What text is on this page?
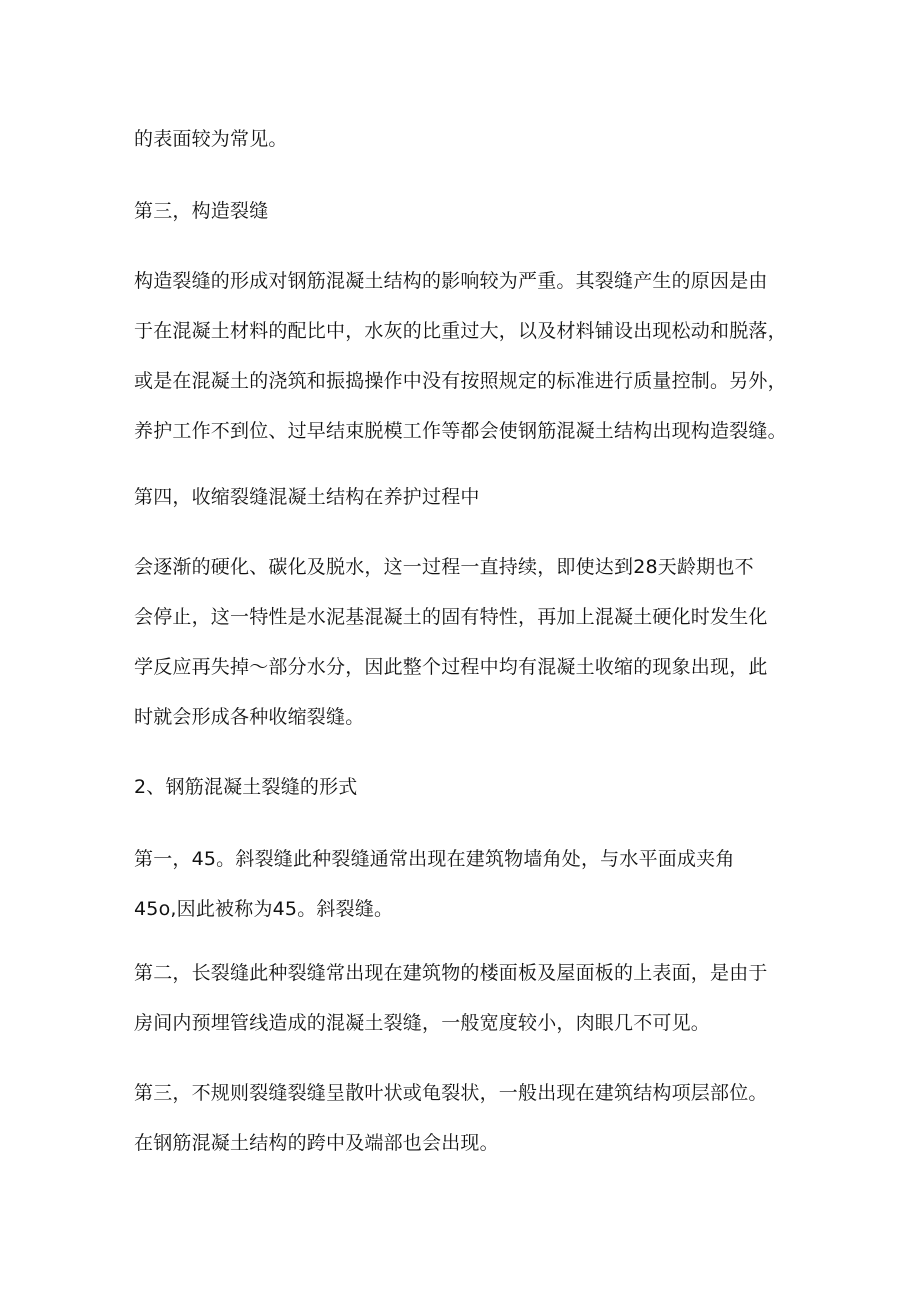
的表面较为常见。

第三，构造裂缝

构造裂缝的形成对钢筋混凝土结构的影响较为严重。其裂缝产生的原因是由

于在混凝土材料的配比中，水灰的比重过大，以及材料铺设出现松动和脱落，

或是在混凝土的浇筑和振捣操作中没有按照规定的标准进行质量控制。另外，

养护工作不到位、过早结束脱模工作等都会使钢筋混凝土结构出现构造裂缝。

第四，收缩裂缝混凝土结构在养护过程中

会逐渐的硬化、碳化及脱水，这一过程一直持续，即使达到28天龄期也不

会停止，这一特性是水泥基混凝土的固有特性，再加上混凝土硬化时发生化

学反应再失掉～部分水分，因此整个过程中均有混凝土收缩的现象出现，此

时就会形成各种收缩裂缝。

2、钢筋混凝土裂缝的形式

第一，45。斜裂缝此种裂缝通常出现在建筑物墙角处，与水平面成夹角

45o,因此被称为45。斜裂缝。

第二，长裂缝此种裂缝常出现在建筑物的楼面板及屋面板的上表面，是由于

房间内预埋管线造成的混凝土裂缝，一般宽度较小，肉眼几不可见。

第三，不规则裂缝裂缝呈散叶状或龟裂状，一般出现在建筑结构项层部位。

在钢筋混凝土结构的跨中及端部也会出现。
